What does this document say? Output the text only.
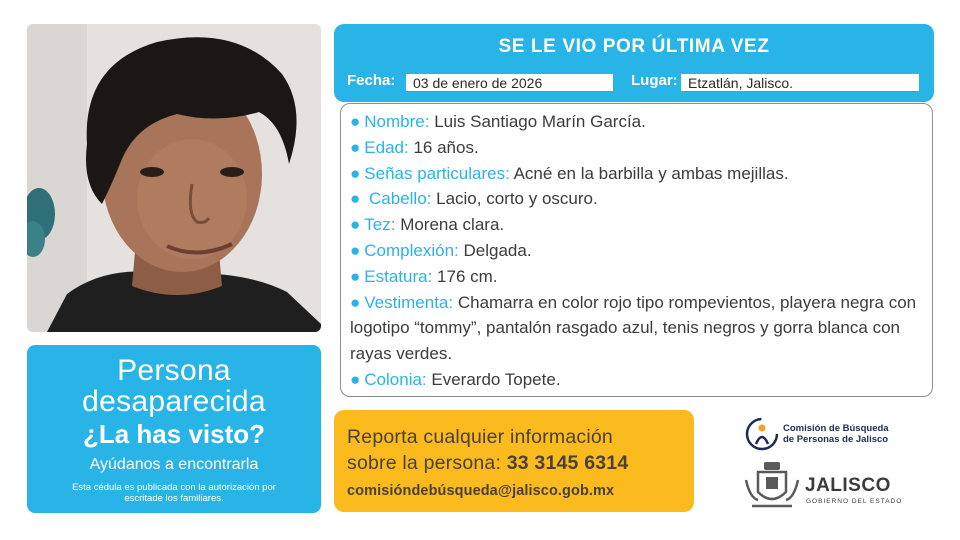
Persona
desaparecida
¿La has visto?
Ayúdanos a encontrarla
Esta cédula es publicada con la autorización por escritade los familiares.
SE LE VIO POR ÚLTIMA VEZ
Fecha:	03 de enero de 2026	Lugar: Etzatlán, Jalisco.
● Nombre: Luis Santiago Marín García.
● Edad: 16 años.
● Señas particulares: Acné en la barbilla y ambas mejillas.
● Cabello: Lacio, corto y oscuro.
● Tez: Morena clara.
● Complexión: Delgada.
● Estatura: 176 cm.
● Vestimenta: Chamarra en color rojo tipo rompevientos, playera negra con logotipo “tommy”, pantalón rasgado azul, tenis negros y gorra blanca con rayas verdes.
● Colonia: Everardo Topete.
Reporta cualquier información
sobre la persona: 33 3145 6314
comisióndebúsqueda@jalisco.gob.mx
Comisión de Búsqueda
de Personas de Jalisco
JALISCO
GOBIERNO DEL ESTADO
